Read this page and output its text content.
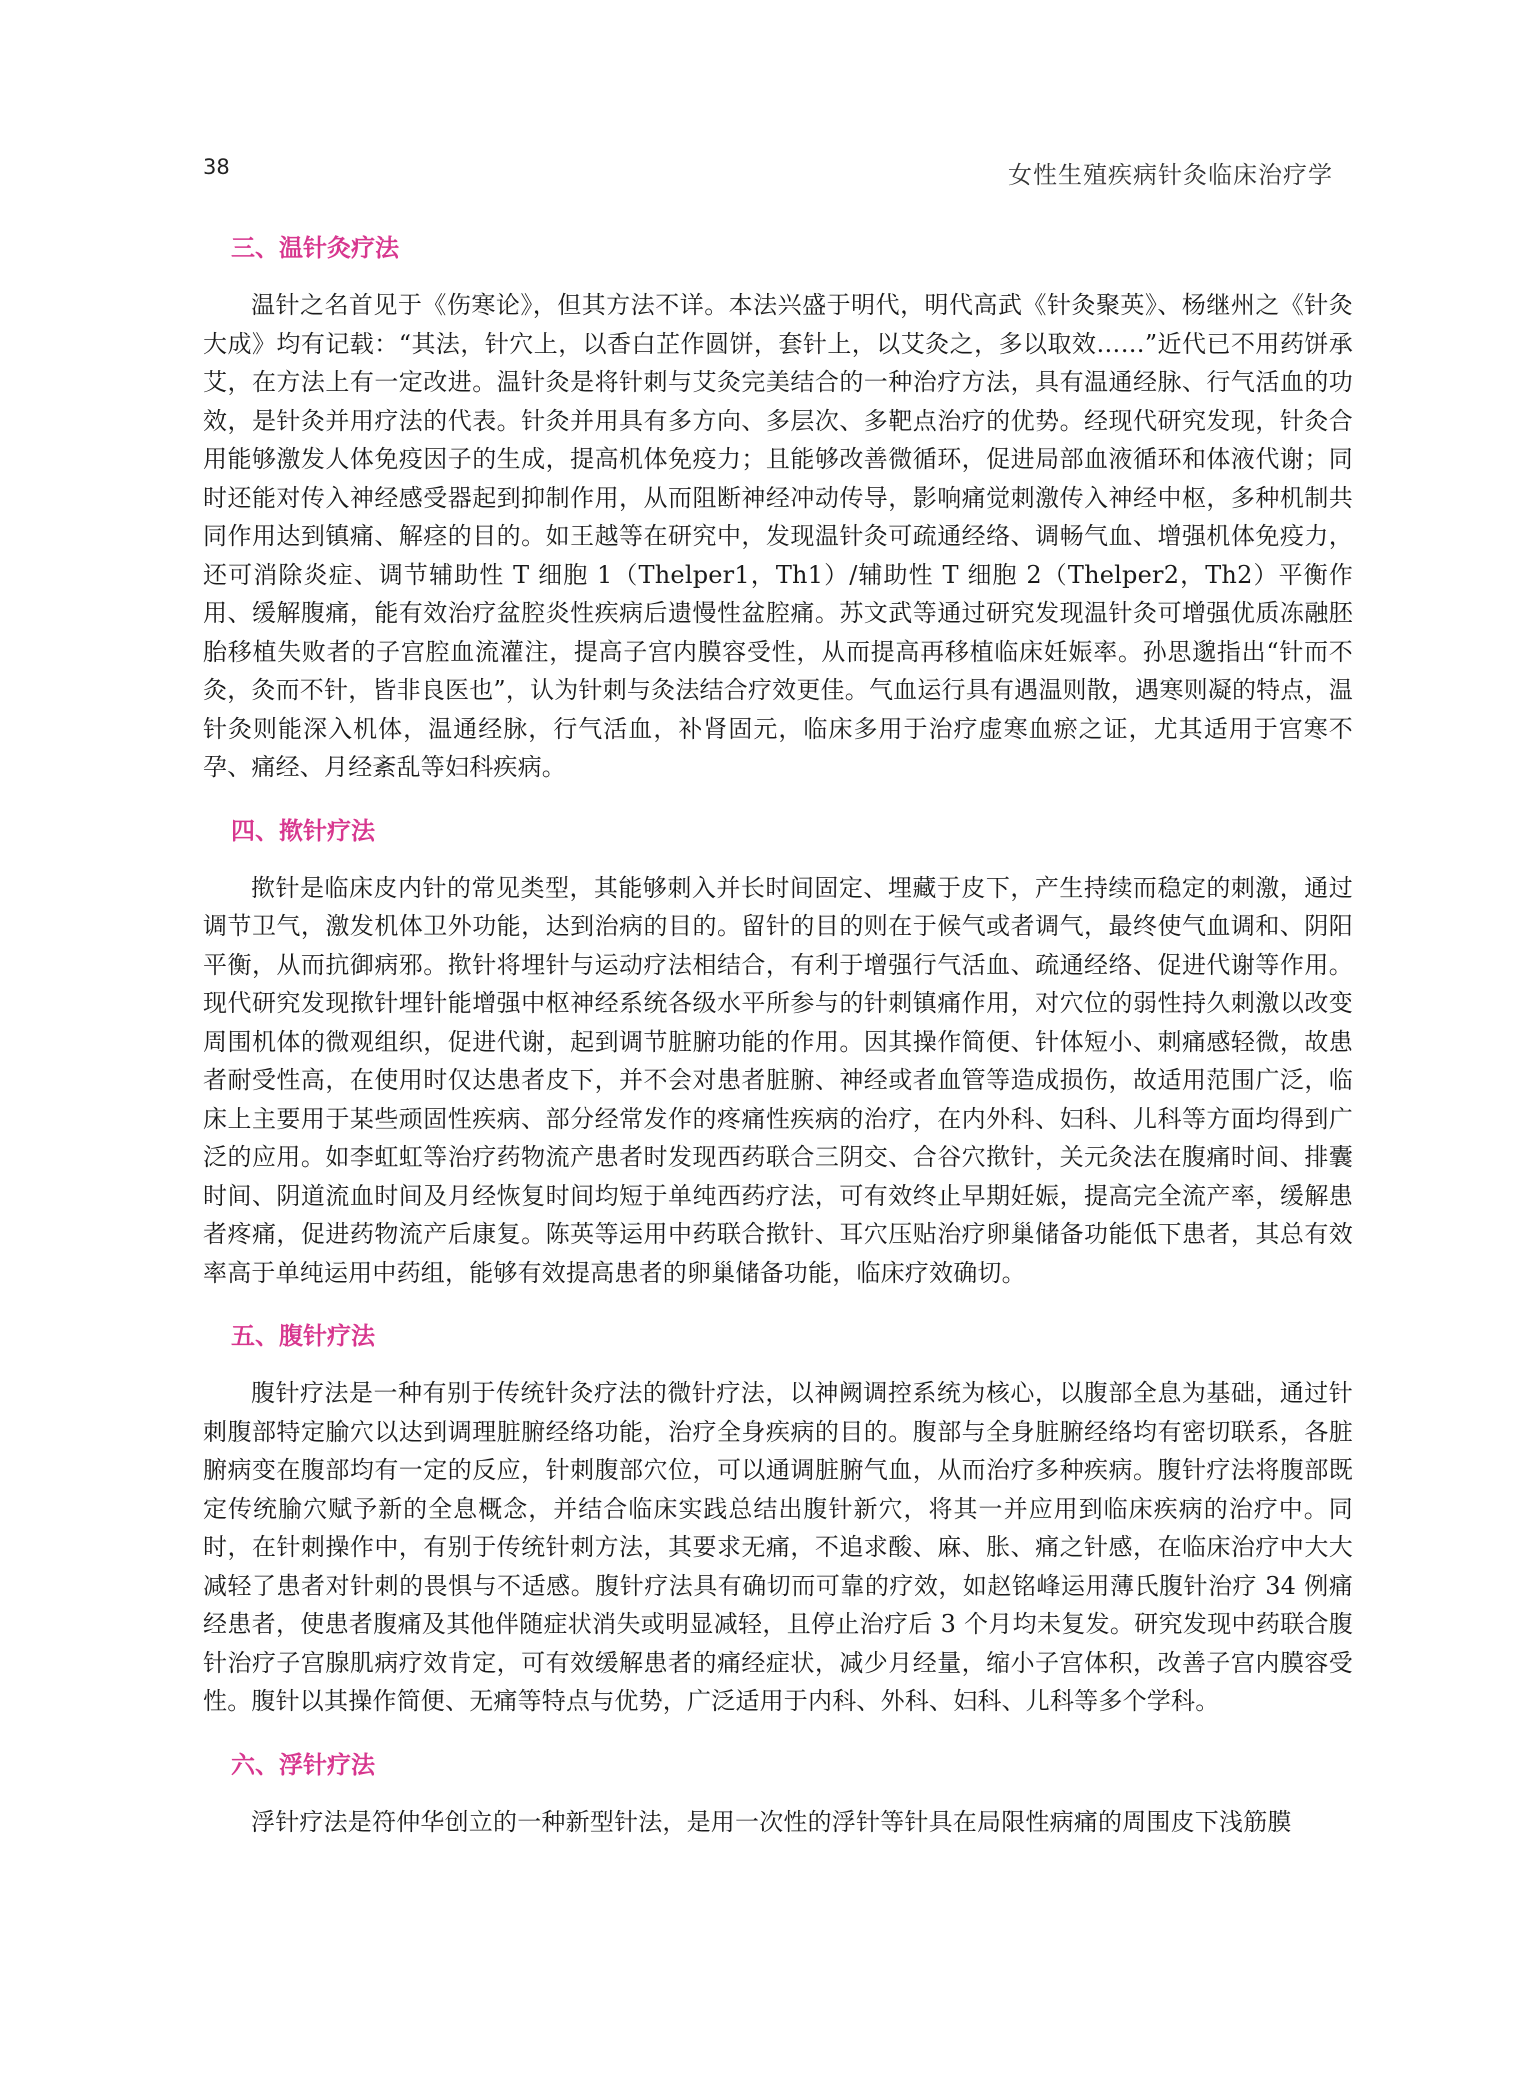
38	女性生殖疾病针灸临床治疗学
三、温针灸疗法

温针之名首见于《伤寒论》，但其方法不详。本法兴盛于明代，明代高武《针灸聚英》、杨继州之《针灸大成》均有记载：“其法，针穴上，以香白芷作圆饼，套针上，以艾灸之，多以取效……”近代已不用药饼承艾，在方法上有一定改进。温针灸是将针刺与艾灸完美结合的一种治疗方法，具有温通经脉、行气活血的功效，是针灸并用疗法的代表。针灸并用具有多方向、多层次、多靶点治疗的优势。经现代研究发现，针灸合用能够激发人体免疫因子的生成，提高机体免疫力；且能够改善微循环，促进局部血液循环和体液代谢；同时还能对传入神经感受器起到抑制作用，从而阻断神经冲动传导，影响痛觉刺激传入神经中枢，多种机制共同作用达到镇痛、解痉的目的。如王越等在研究中，发现温针灸可疏通经络、调畅气血、增强机体免疫力，还可消除炎症、调节辅助性 T 细胞 1（Thelper1，Th1）/辅助性 T 细胞 2（Thelper2，Th2）平衡作用、缓解腹痛，能有效治疗盆腔炎性疾病后遗慢性盆腔痛。苏文武等通过研究发现温针灸可增强优质冻融胚胎移植失败者的子宫腔血流灌注，提高子宫内膜容受性，从而提高再移植临床妊娠率。孙思邈指出“针而不灸，灸而不针，皆非良医也”，认为针刺与灸法结合疗效更佳。气血运行具有遇温则散，遇寒则凝的特点，温针灸则能深入机体，温通经脉，行气活血，补肾固元，临床多用于治疗虚寒血瘀之证，尤其适用于宫寒不孕、痛经、月经紊乱等妇科疾病。

四、揿针疗法

揿针是临床皮内针的常见类型，其能够刺入并长时间固定、埋藏于皮下，产生持续而稳定的刺激，通过调节卫气，激发机体卫外功能，达到治病的目的。留针的目的则在于候气或者调气，最终使气血调和、阴阳平衡，从而抗御病邪。揿针将埋针与运动疗法相结合，有利于增强行气活血、疏通经络、促进代谢等作用。现代研究发现揿针埋针能增强中枢神经系统各级水平所参与的针刺镇痛作用，对穴位的弱性持久刺激以改变周围机体的微观组织，促进代谢，起到调节脏腑功能的作用。因其操作简便、针体短小、刺痛感轻微，故患者耐受性高，在使用时仅达患者皮下，并不会对患者脏腑、神经或者血管等造成损伤，故适用范围广泛，临床上主要用于某些顽固性疾病、部分经常发作的疼痛性疾病的治疗，在内外科、妇科、儿科等方面均得到广泛的应用。如李虹虹等治疗药物流产患者时发现西药联合三阴交、合谷穴揿针，关元灸法在腹痛时间、排囊时间、阴道流血时间及月经恢复时间均短于单纯西药疗法，可有效终止早期妊娠，提高完全流产率，缓解患者疼痛，促进药物流产后康复。陈英等运用中药联合揿针、耳穴压贴治疗卵巢储备功能低下患者，其总有效率高于单纯运用中药组，能够有效提高患者的卵巢储备功能，临床疗效确切。

五、腹针疗法

腹针疗法是一种有别于传统针灸疗法的微针疗法，以神阙调控系统为核心，以腹部全息为基础，通过针刺腹部特定腧穴以达到调理脏腑经络功能，治疗全身疾病的目的。腹部与全身脏腑经络均有密切联系，各脏腑病变在腹部均有一定的反应，针刺腹部穴位，可以通调脏腑气血，从而治疗多种疾病。腹针疗法将腹部既定传统腧穴赋予新的全息概念，并结合临床实践总结出腹针新穴，将其一并应用到临床疾病的治疗中。同时，在针刺操作中，有别于传统针刺方法，其要求无痛，不追求酸、麻、胀、痛之针感，在临床治疗中大大减轻了患者对针刺的畏惧与不适感。腹针疗法具有确切而可靠的疗效，如赵铭峰运用薄氏腹针治疗 34 例痛经患者，使患者腹痛及其他伴随症状消失或明显减轻，且停止治疗后 3 个月均未复发。研究发现中药联合腹针治疗子宫腺肌病疗效肯定，可有效缓解患者的痛经症状，减少月经量，缩小子宫体积，改善子宫内膜容受性。腹针以其操作简便、无痛等特点与优势，广泛适用于内科、外科、妇科、儿科等多个学科。

六、浮针疗法

浮针疗法是符仲华创立的一种新型针法，是用一次性的浮针等针具在局限性病痛的周围皮下浅筋膜
